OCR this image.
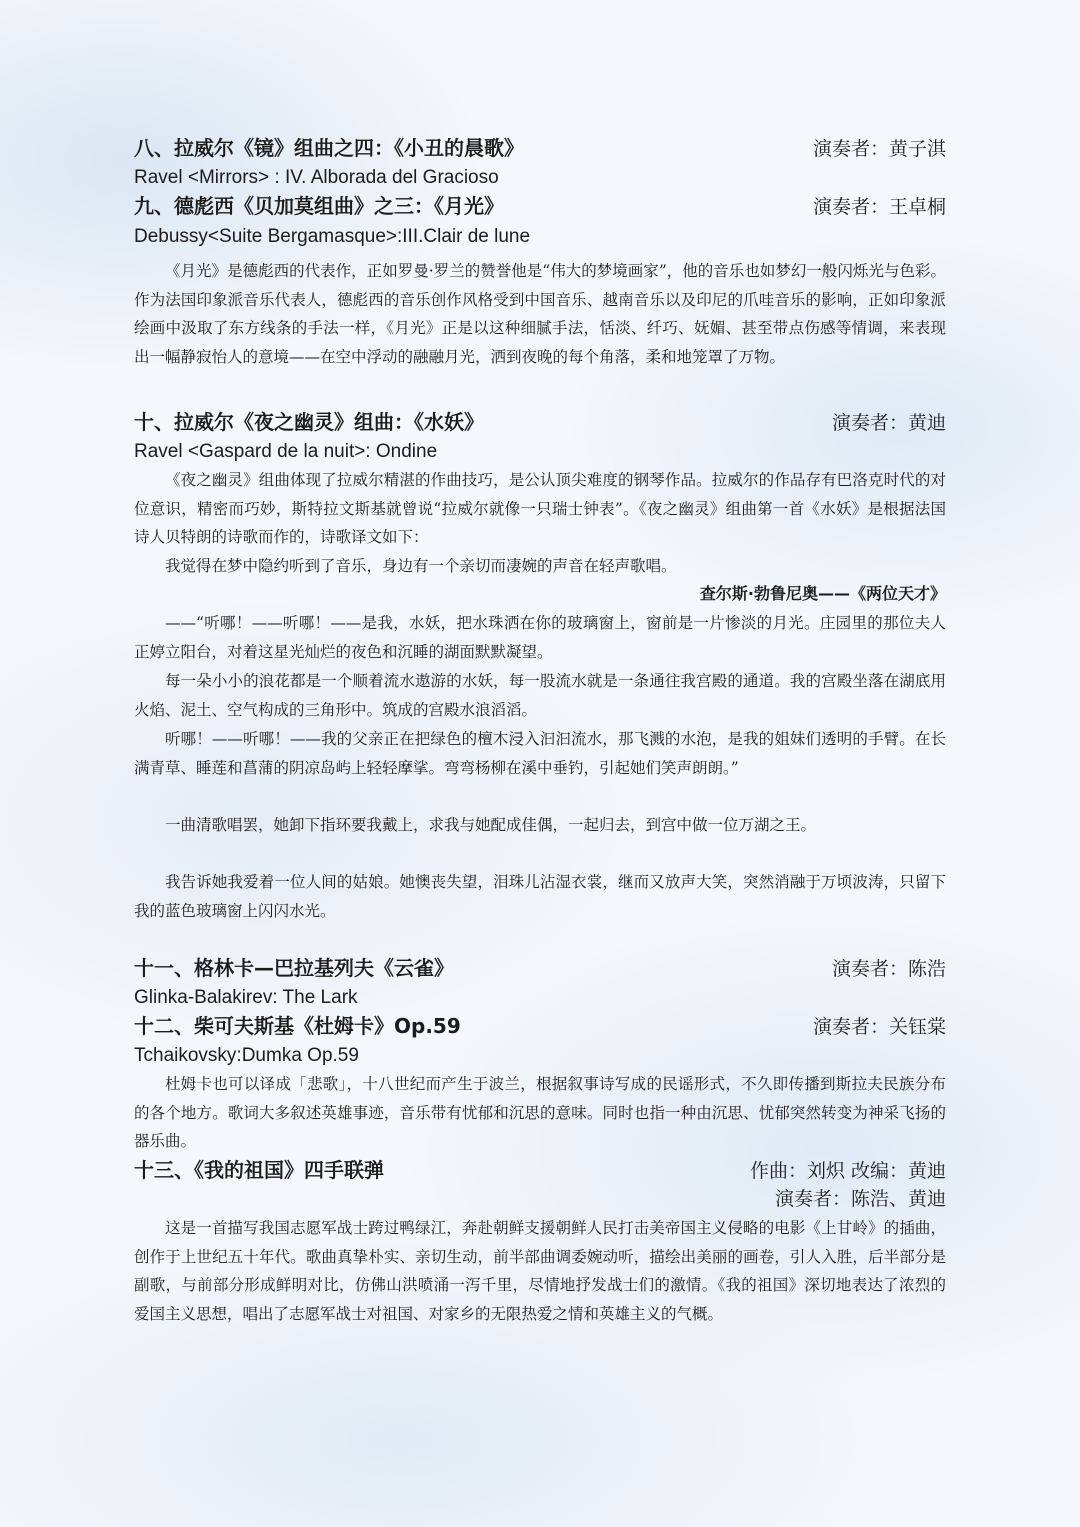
八、拉威尔《镜》组曲之四：《小丑的晨歌》	演奏者：黄子淇
Ravel <Mirrors> : IV. Alborada del Gracioso
九、德彪西《贝加莫组曲》之三：《月光》	演奏者：王卓桐
Debussy<Suite Bergamasque>:III.Clair de lune
《月光》是德彪西的代表作，正如罗曼·罗兰的赞誉他是“伟大的梦境画家”，他的音乐也如梦幻一般闪烁光与色彩。作为法国印象派音乐代表人，德彪西的音乐创作风格受到中国音乐、越南音乐以及印尼的爪哇音乐的影响，正如印象派绘画中汲取了东方线条的手法一样，《月光》正是以这种细腻手法，恬淡、纤巧、妩媚、甚至带点伤感等情调，来表现出一幅静寂怡人的意境——在空中浮动的融融月光，洒到夜晚的每个角落，柔和地笼罩了万物。
十、拉威尔《夜之幽灵》组曲：《水妖》	演奏者：黄迪
Ravel <Gaspard de la nuit>: Ondine
《夜之幽灵》组曲体现了拉威尔精湛的作曲技巧，是公认顶尖难度的钢琴作品。拉威尔的作品存有巴洛克时代的对位意识，精密而巧妙，斯特拉文斯基就曾说“拉威尔就像一只瑞士钟表”。《夜之幽灵》组曲第一首《水妖》是根据法国诗人贝特朗的诗歌而作的，诗歌译文如下：
我觉得在梦中隐约听到了音乐，身边有一个亲切而凄婉的声音在轻声歌唱。
查尔斯·勃鲁尼奥——《两位天才》
——“听哪！——听哪！——是我，水妖，把水珠洒在你的玻璃窗上，窗前是一片惨淡的月光。庄园里的那位夫人正婷立阳台，对着这星光灿烂的夜色和沉睡的湖面默默凝望。
每一朵小小的浪花都是一个顺着流水遨游的水妖，每一股流水就是一条通往我宫殿的通道。我的宫殿坐落在湖底用火焰、泥土、空气构成的三角形中。筑成的宫殿水浪滔滔。
听哪！——听哪！——我的父亲正在把绿色的檀木浸入汩汩流水，那飞溅的水泡，是我的姐妹们透明的手臂。在长满青草、睡莲和菖蒲的阴凉岛屿上轻轻摩挲。弯弯杨柳在溪中垂钓，引起她们笑声朗朗。”
一曲清歌唱罢，她卸下指环要我戴上，求我与她配成佳偶，一起归去，到宫中做一位万湖之王。
我告诉她我爱着一位人间的姑娘。她懊丧失望，泪珠儿沾湿衣裳，继而又放声大笑，突然消融于万顷波涛，只留下我的蓝色玻璃窗上闪闪水光。
十一、格林卡—巴拉基列夫《云雀》	演奏者：陈浩
Glinka-Balakirev: The Lark
十二、柴可夫斯基《杜姆卡》Op.59	演奏者：关钰棠
Tchaikovsky:Dumka Op.59
杜姆卡也可以译成「悲歌」，十八世纪而产生于波兰，根据叙事诗写成的民谣形式，不久即传播到斯拉夫民族分布的各个地方。歌词大多叙述英雄事迹，音乐带有忧郁和沉思的意味。同时也指一种由沉思、忧郁突然转变为神采飞扬的器乐曲。
十三、《我的祖国》四手联弹	作曲：刘炽 改编：黄迪
演奏者：陈浩、黄迪
这是一首描写我国志愿军战士跨过鸭绿江，奔赴朝鲜支援朝鲜人民打击美帝国主义侵略的电影《上甘岭》的插曲，创作于上世纪五十年代。歌曲真挚朴实、亲切生动，前半部曲调委婉动听，描绘出美丽的画卷，引人入胜，后半部分是副歌，与前部分形成鲜明对比，仿佛山洪喷涌一泻千里，尽情地抒发战士们的激情。《我的祖国》深切地表达了浓烈的爱国主义思想，唱出了志愿军战士对祖国、对家乡的无限热爱之情和英雄主义的气概。
